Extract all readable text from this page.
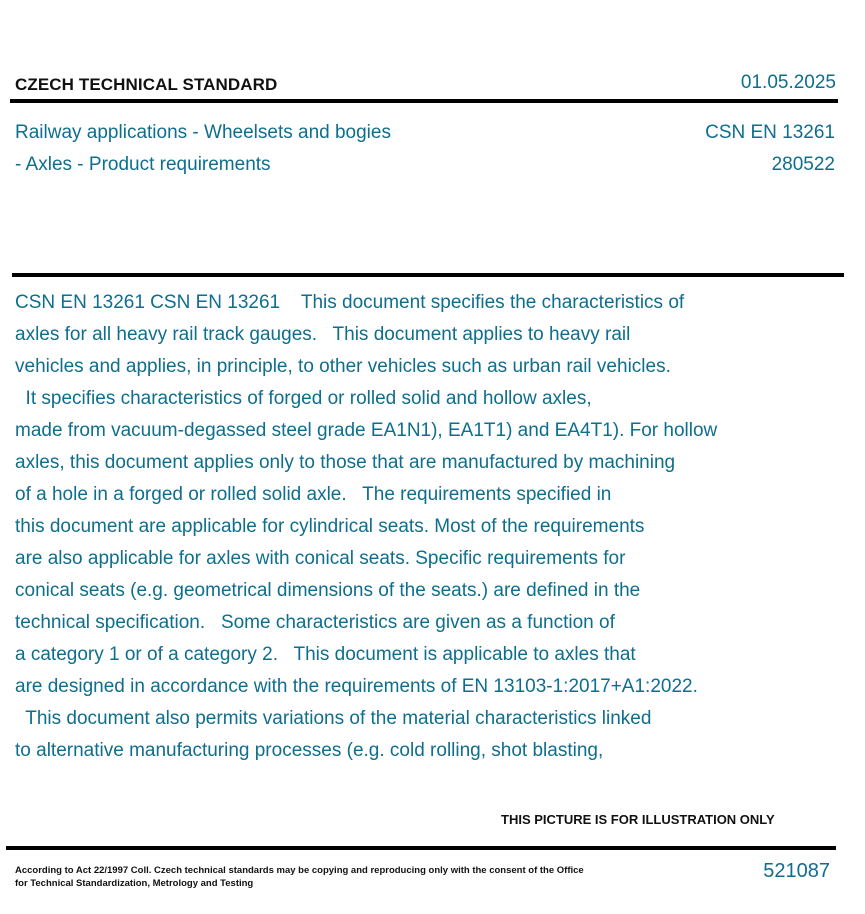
CZECH TECHNICAL STANDARD	01.05.2025
Railway applications - Wheelsets and bogies
- Axles - Product requirements
CSN EN 13261
280522
CSN EN 13261 CSN EN 13261    This document specifies the characteristics of
axles for all heavy rail track gauges.   This document applies to heavy rail
vehicles and applies, in principle, to other vehicles such as urban rail vehicles.
It specifies characteristics of forged or rolled solid and hollow axles,
made from vacuum-degassed steel grade EA1N1), EA1T1) and EA4T1). For hollow
axles, this document applies only to those that are manufactured by machining
of a hole in a forged or rolled solid axle.   The requirements specified in
this document are applicable for cylindrical seats. Most of the requirements
are also applicable for axles with conical seats. Specific requirements for
conical seats (e.g. geometrical dimensions of the seats.) are defined in the
technical specification.   Some characteristics are given as a function of
a category 1 or of a category 2.   This document is applicable to axles that
are designed in accordance with the requirements of EN 13103-1:2017+A1:2022.
This document also permits variations of the material characteristics linked
to alternative manufacturing processes (e.g. cold rolling, shot blasting,
THIS PICTURE IS FOR ILLUSTRATION ONLY
According to Act 22/1997 Coll. Czech technical standards may be copying and reproducing only with the consent of the Office
for Technical Standardization, Metrology and Testing
521087
